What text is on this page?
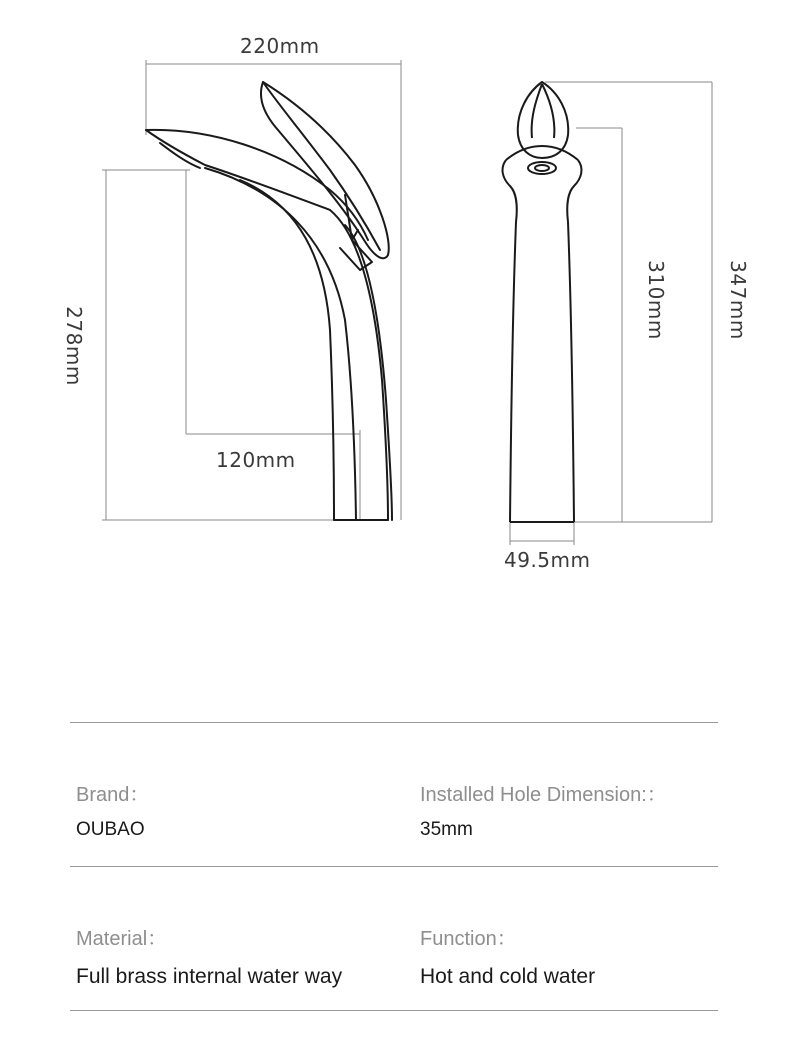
220mm
278mm
120mm
49.5mm
310mm	347mm
Brand：
OUBAO
Installed Hole Dimension:：
35mm
Material：
Full brass internal water way
Function：
Hot and cold water
